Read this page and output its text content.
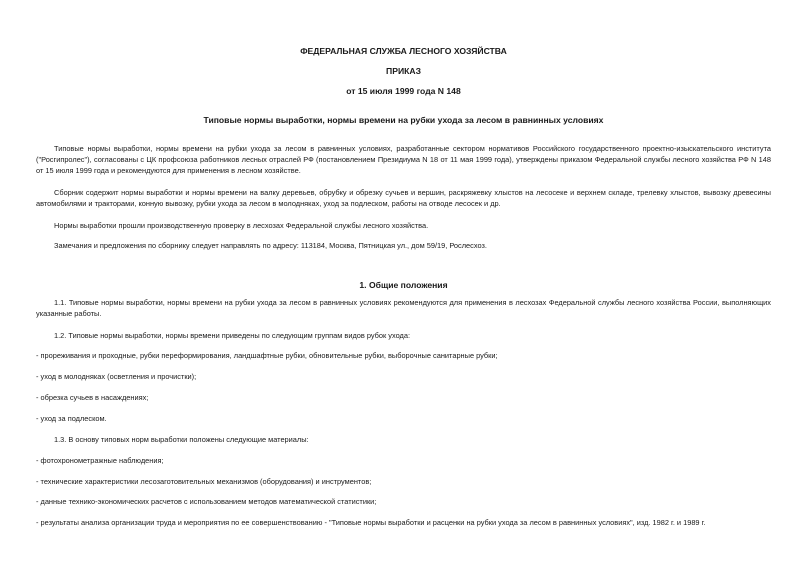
ФЕДЕРАЛЬНАЯ СЛУЖБА ЛЕСНОГО ХОЗЯЙСТВА
ПРИКАЗ
от 15 июля 1999 года N 148
Типовые нормы выработки, нормы времени на рубки ухода за лесом в равнинных условиях

Типовые нормы выработки, нормы времени на рубки ухода за лесом в равнинных условиях, разработанные сектором нормативов Российского государственного проектно-изыскательского института ("Росгипролес"), согласованы с ЦК профсоюза работников лесных отраслей РФ (постановлением Президиума N 18 от 11 мая 1999 года), утверждены приказом Федеральной службы лесного хозяйства РФ N 148 от 15 июля 1999 года и рекомендуются для применения в лесном хозяйстве.

Сборник содержит нормы выработки и нормы времени на валку деревьев, обрубку и обрезку сучьев и вершин, раскряжевку хлыстов на лесосеке и верхнем складе, трелевку хлыстов, вывозку древесины автомобилями и тракторами, конную вывозку, рубки ухода за лесом в молодняках, уход за подлеском, работы на отводе лесосек и др.

Нормы выработки прошли производственную проверку в лесхозах Федеральной службы лесного хозяйства.

Замечания и предложения по сборнику следует направлять по адресу: 113184, Москва, Пятницкая ул., дом 59/19, Рослесхоз.

1. Общие положения

1.1. Типовые нормы выработки, нормы времени на рубки ухода за лесом в равнинных условиях рекомендуются для применения в лесхозах Федеральной службы лесного хозяйства России, выполняющих указанные работы.

1.2. Типовые нормы выработки, нормы времени приведены по следующим группам видов рубок ухода:

- прореживания и проходные, рубки переформирования, ландшафтные рубки, обновительные рубки, выборочные санитарные рубки;

- уход в молодняках (осветления и прочистки);

- обрезка сучьев в насаждениях;

- уход за подлеском.

1.3. В основу типовых норм выработки положены следующие материалы:

- фотохронометражные наблюдения;

- технические характеристики лесозаготовительных механизмов (оборудования) и инструментов;

- данные технико-экономических расчетов с использованием методов математической статистики;

- результаты анализа организации труда и мероприятия по ее совершенствованию - "Типовые нормы выработки и расценки на рубки ухода за лесом в равнинных условиях", изд. 1982 г. и 1989 г.
